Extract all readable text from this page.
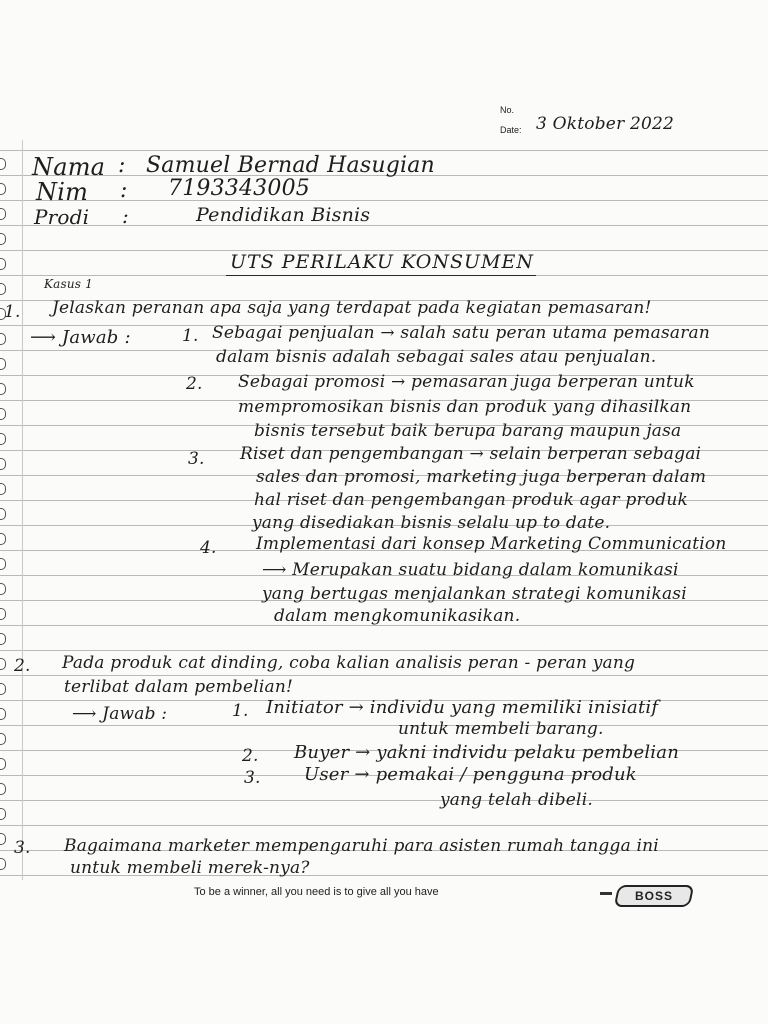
No.
Date: 3 Oktober 2022
Nama : Samuel Bernad Hasugian
Nim : 7193343005
Prodi :	Pendidikan Bisnis
UTS PERILAKU KONSUMEN
Kasus 1
1. Jelaskan peranan apa saja yang terdapat pada kegiatan pemasaran!
⟶ Jawab :	1. Sebagai penjualan → salah satu peran utama pemasaran
dalam bisnis adalah sebagai sales atau penjualan.
2. Sebagai promosi → pemasaran juga berperan untuk
mempromosikan bisnis dan produk yang dihasilkan
bisnis tersebut baik berupa barang maupun jasa
3. Riset dan pengembangan → selain berperan sebagai
sales dan promosi, marketing juga berperan dalam
hal riset dan pengembangan produk agar produk
yang disediakan bisnis selalu up to date.
4. Implementasi dari konsep Marketing Communication
⟶ Merupakan suatu bidang dalam komunikasi
yang bertugas menjalankan strategi komunikasi
dalam mengkomunikasikan.
2. Pada produk cat dinding, coba kalian analisis peran - peran yang
terlibat dalam pembelian!
⟶ Jawab :	1. Initiator → individu yang memiliki inisiatif
untuk membeli barang.
2. Buyer → yakni individu pelaku pembelian
3. User → pemakai / pengguna produk
yang telah dibeli.
3. Bagaimana marketer mempengaruhi para asisten rumah tangga ini
untuk membeli merek-nya?
To be a winner, all you need is to give all you have	BOSS
